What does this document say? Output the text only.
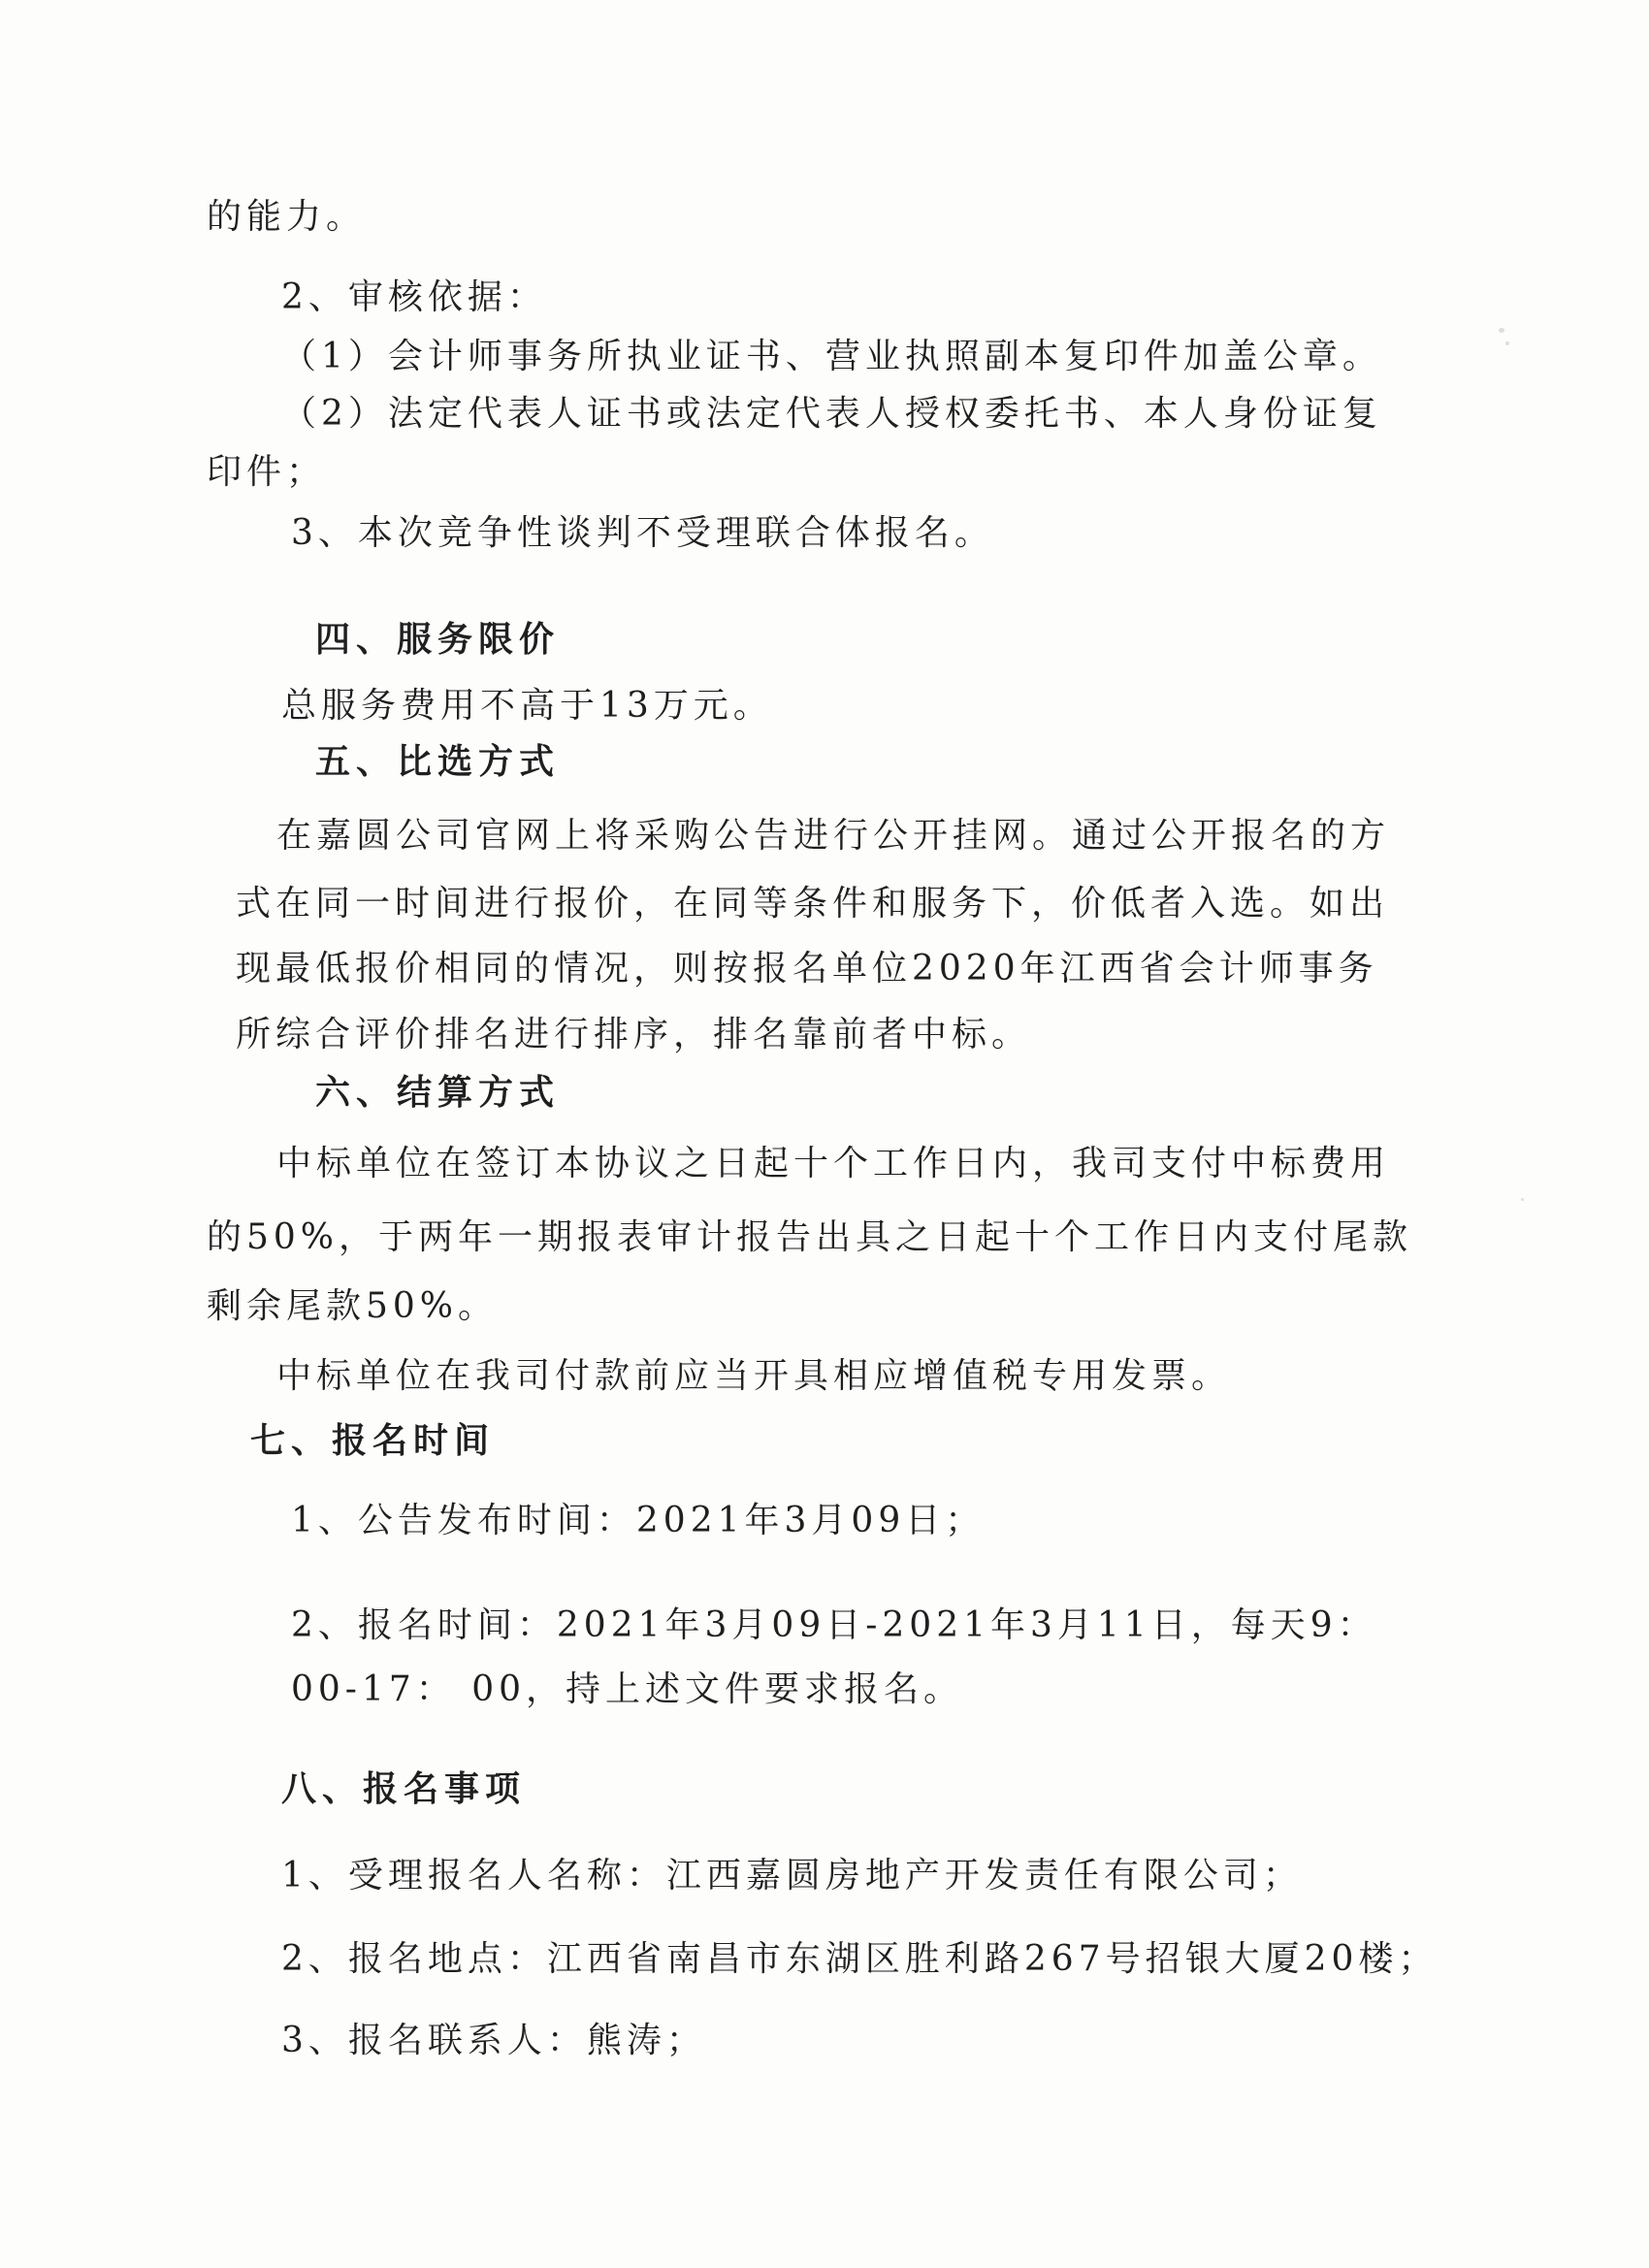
的能力。
2、审核依据：
（1）会计师事务所执业证书、营业执照副本复印件加盖公章。
（2）法定代表人证书或法定代表人授权委托书、本人身份证复
印件；
3、本次竞争性谈判不受理联合体报名。
四、服务限价
总服务费用不高于13万元。
五、比选方式
在嘉圆公司官网上将采购公告进行公开挂网。通过公开报名的方
式在同一时间进行报价，在同等条件和服务下，价低者入选。如出
现最低报价相同的情况，则按报名单位2020年江西省会计师事务
所综合评价排名进行排序，排名靠前者中标。
六、结算方式
中标单位在签订本协议之日起十个工作日内，我司支付中标费用
的50%，于两年一期报表审计报告出具之日起十个工作日内支付尾款
剩余尾款50%。
中标单位在我司付款前应当开具相应增值税专用发票。
七、报名时间
1、公告发布时间：2021年3月09日；
2、报名时间：2021年3月09日-2021年3月11日，每天9：
00-17： 00，持上述文件要求报名。
八、报名事项
1、受理报名人名称：江西嘉圆房地产开发责任有限公司；
2、报名地点：江西省南昌市东湖区胜利路267号招银大厦20楼；
3、报名联系人：熊涛；
